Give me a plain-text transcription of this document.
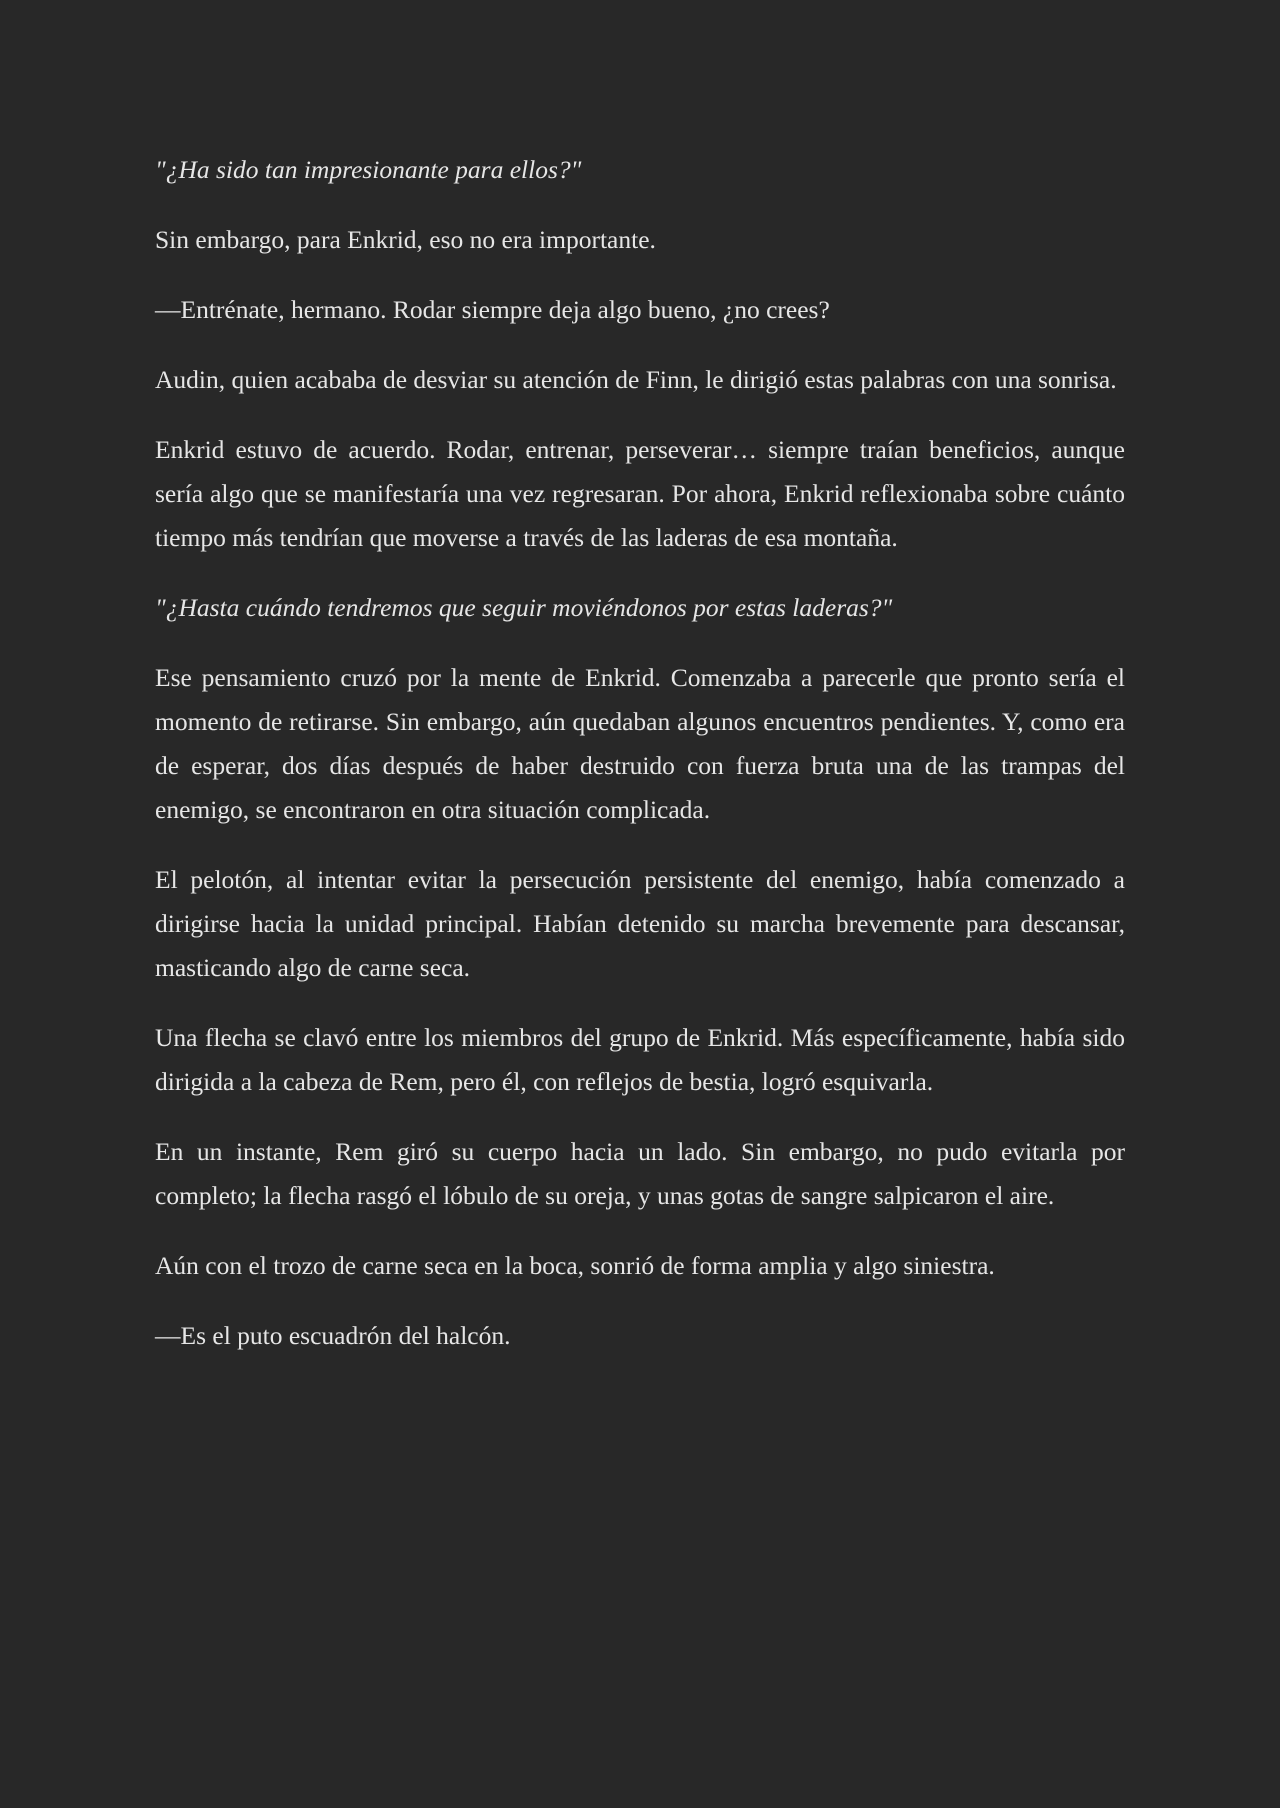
"¿Ha sido tan impresionante para ellos?"

Sin embargo, para Enkrid, eso no era importante.

—Entrénate, hermano. Rodar siempre deja algo bueno, ¿no crees?

Audin, quien acababa de desviar su atención de Finn, le dirigió estas palabras con una sonrisa.

Enkrid estuvo de acuerdo. Rodar, entrenar, perseverar… siempre traían beneficios, aunque sería algo que se manifestaría una vez regresaran. Por ahora, Enkrid reflexionaba sobre cuánto tiempo más tendrían que moverse a través de las laderas de esa montaña.

"¿Hasta cuándo tendremos que seguir moviéndonos por estas laderas?"

Ese pensamiento cruzó por la mente de Enkrid. Comenzaba a parecerle que pronto sería el momento de retirarse. Sin embargo, aún quedaban algunos encuentros pendientes. Y, como era de esperar, dos días después de haber destruido con fuerza bruta una de las trampas del enemigo, se encontraron en otra situación complicada.

El pelotón, al intentar evitar la persecución persistente del enemigo, había comenzado a dirigirse hacia la unidad principal. Habían detenido su marcha brevemente para descansar, masticando algo de carne seca.

Una flecha se clavó entre los miembros del grupo de Enkrid. Más específicamente, había sido dirigida a la cabeza de Rem, pero él, con reflejos de bestia, logró esquivarla.

En un instante, Rem giró su cuerpo hacia un lado. Sin embargo, no pudo evitarla por completo; la flecha rasgó el lóbulo de su oreja, y unas gotas de sangre salpicaron el aire.

Aún con el trozo de carne seca en la boca, sonrió de forma amplia y algo siniestra.

—Es el puto escuadrón del halcón.
